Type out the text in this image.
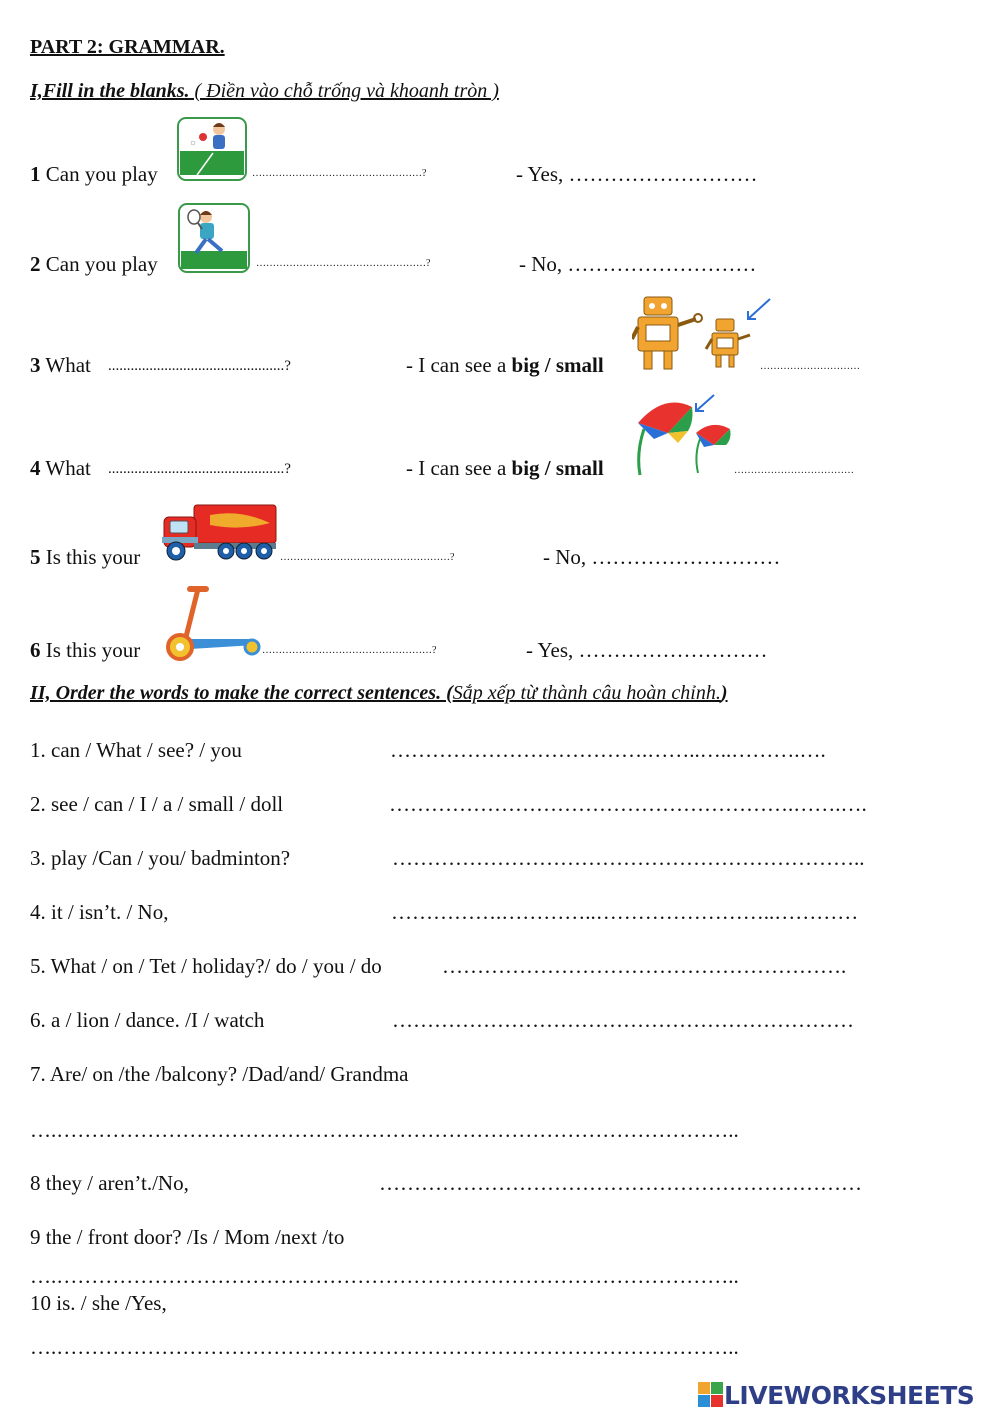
PART 2: GRAMMAR.
I,Fill in the blanks. ( Điền vào chỗ trống và khoanh tròn )
1 Can you play	……………………………………………?	- Yes, ………………………
2 Can you play	……………………………………………?	- No, ………………………
3 What ...............................................?	- I can see a big / small	…………………………
4 What ...............................................?	- I can see a big / small	………………………………
5 Is this your	……………………………………………?	- No, ………………………
6 Is this your	……………………………………………?	- Yes, ………………………
II, Order the words to make the correct sentences. (Sắp xếp từ thành câu hoàn chỉnh.)
1. can / What / see? / you	……………………………….……..…..……….….
2. see / can / I / a / small / doll	………………………………………………….…….….
3. play /Can / you/ badminton?	…………………………………………………………..
4. it / isn’t. / No,	…………….…………..……………………..…………
5. What / on / Tet / holiday?/ do / you / do	………………………………………………….
6. a / lion / dance. /I / watch	…………………………………………………………
7. Are/ on /the /balcony? /Dad/and/ Grandma
….……………………………………………………………………………………..
8 they / aren’t./No,	……………………………………………………………
9 the / front door? /Is / Mom /next /to
….……………………………………………………………………………………..
10 is. / she /Yes,
….……………………………………………………………………………………..
LIVEWORKSHEETS
